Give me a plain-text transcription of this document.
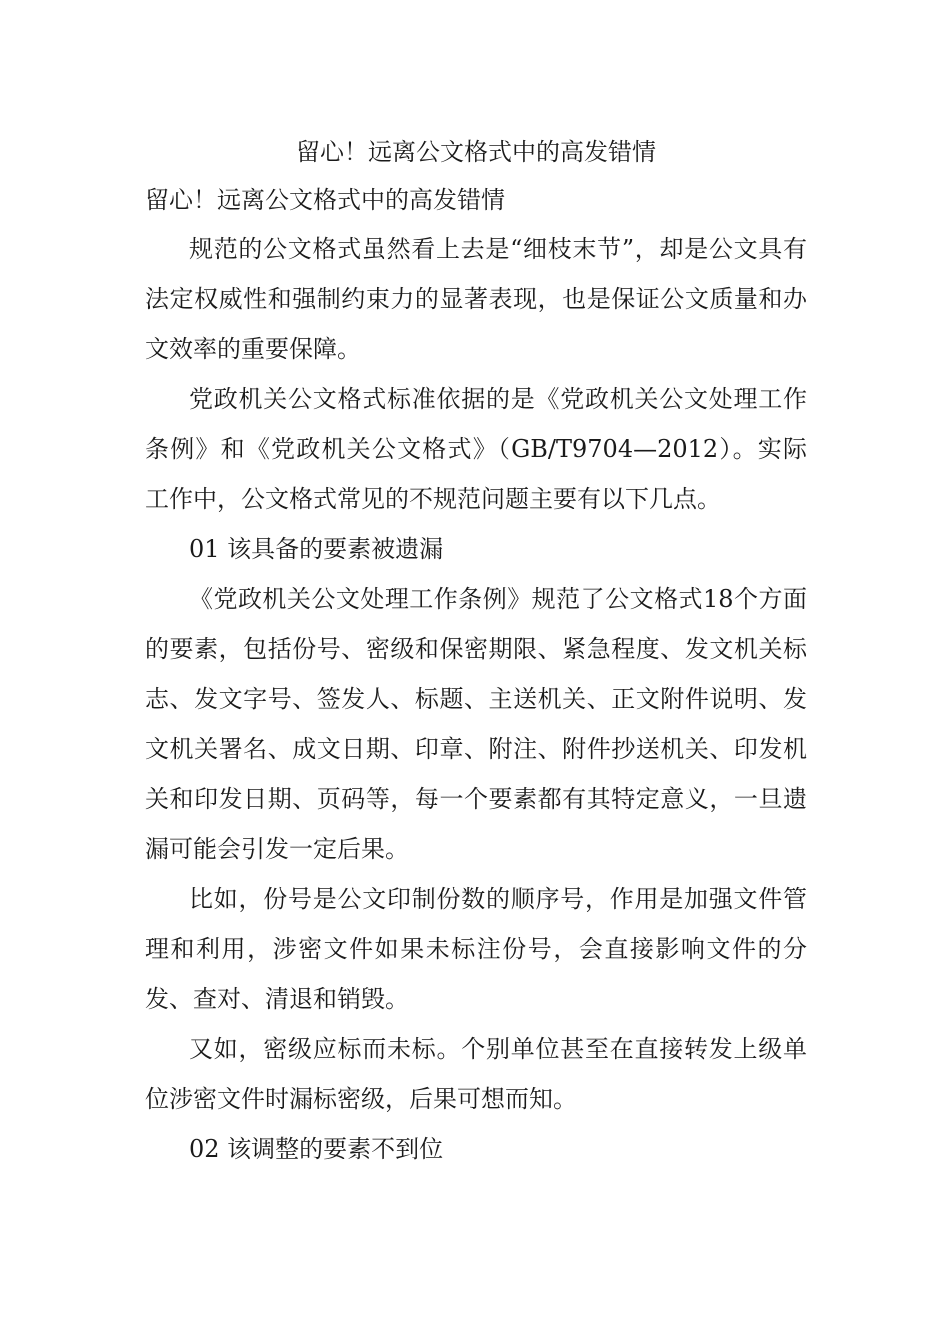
留心！远离公文格式中的高发错情
留心！远离公文格式中的高发错情

规范的公文格式虽然看上去是“细枝末节”，却是公文具有法定权威性和强制约束力的显著表现，也是保证公文质量和办文效率的重要保障。

党政机关公文格式标准依据的是《党政机关公文处理工作条例》和《党政机关公文格式》（GB/T9704—2012）。实际工作中，公文格式常见的不规范问题主要有以下几点。

01 该具备的要素被遗漏

《党政机关公文处理工作条例》规范了公文格式18个方面的要素，包括份号、密级和保密期限、紧急程度、发文机关标志、发文字号、签发人、标题、主送机关、正文附件说明、发文机关署名、成文日期、印章、附注、附件抄送机关、印发机关和印发日期、页码等，每一个要素都有其特定意义，一旦遗漏可能会引发一定后果。

比如，份号是公文印制份数的顺序号，作用是加强文件管理和利用，涉密文件如果未标注份号，会直接影响文件的分发、查对、清退和销毁。

又如，密级应标而未标。个别单位甚至在直接转发上级单位涉密文件时漏标密级，后果可想而知。

02 该调整的要素不到位
